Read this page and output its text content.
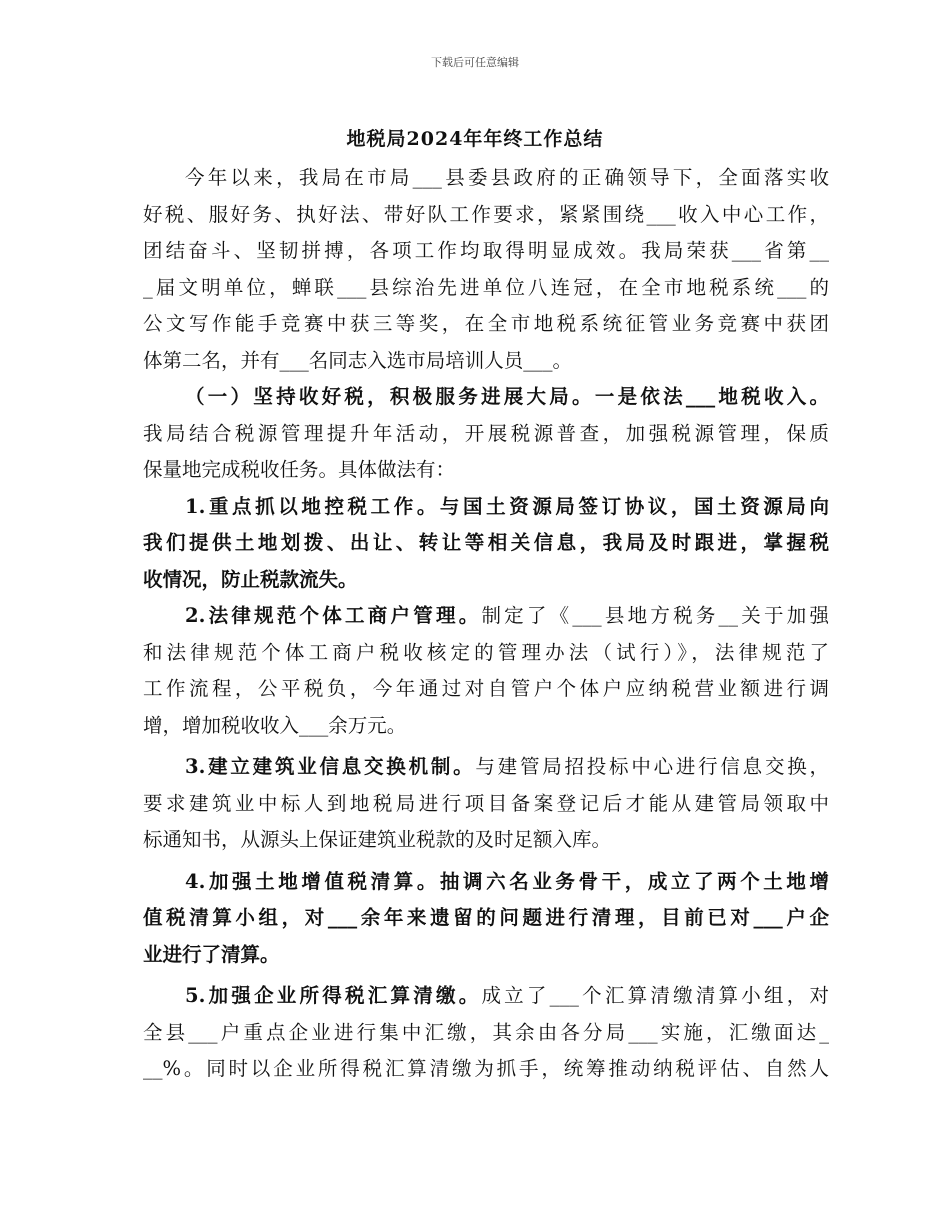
下载后可任意编辑
地税局2024年年终工作总结
今年以来，我局在市局___县委县政府的正确领导下，全面落实收
好税、服好务、执好法、带好队工作要求，紧紧围绕___收入中心工作，
团结奋斗、坚韧拼搏，各项工作均取得明显成效。我局荣获___省第__
_届文明单位，蝉联___县综治先进单位八连冠，在全市地税系统___的
公文写作能手竞赛中获三等奖，在全市地税系统征管业务竞赛中获团
体第二名，并有___名同志入选市局培训人员___。
（一）坚持收好税，积极服务进展大局。一是依法___地税收入。
我局结合税源管理提升年活动，开展税源普查，加强税源管理，保质
保量地完成税收任务。具体做法有：
1.重点抓以地控税工作。与国土资源局签订协议，国土资源局向
我们提供土地划拨、出让、转让等相关信息，我局及时跟进，掌握税
收情况，防止税款流失。
2.法律规范个体工商户管理。制定了《___县地方税务__关于加强
和法律规范个体工商户税收核定的管理办法（试行）》，法律规范了
工作流程，公平税负，今年通过对自管户个体户应纳税营业额进行调
增，增加税收收入___余万元。
3.建立建筑业信息交换机制。与建管局招投标中心进行信息交换，
要求建筑业中标人到地税局进行项目备案登记后才能从建管局领取中
标通知书，从源头上保证建筑业税款的及时足额入库。
4.加强土地增值税清算。抽调六名业务骨干，成立了两个土地增
值税清算小组，对___余年来遗留的问题进行清理，目前已对___户企
业进行了清算。
5.加强企业所得税汇算清缴。成立了___个汇算清缴清算小组，对
全县___户重点企业进行集中汇缴，其余由各分局___实施，汇缴面达_
__%。同时以企业所得税汇算清缴为抓手，统筹推动纳税评估、自然人
